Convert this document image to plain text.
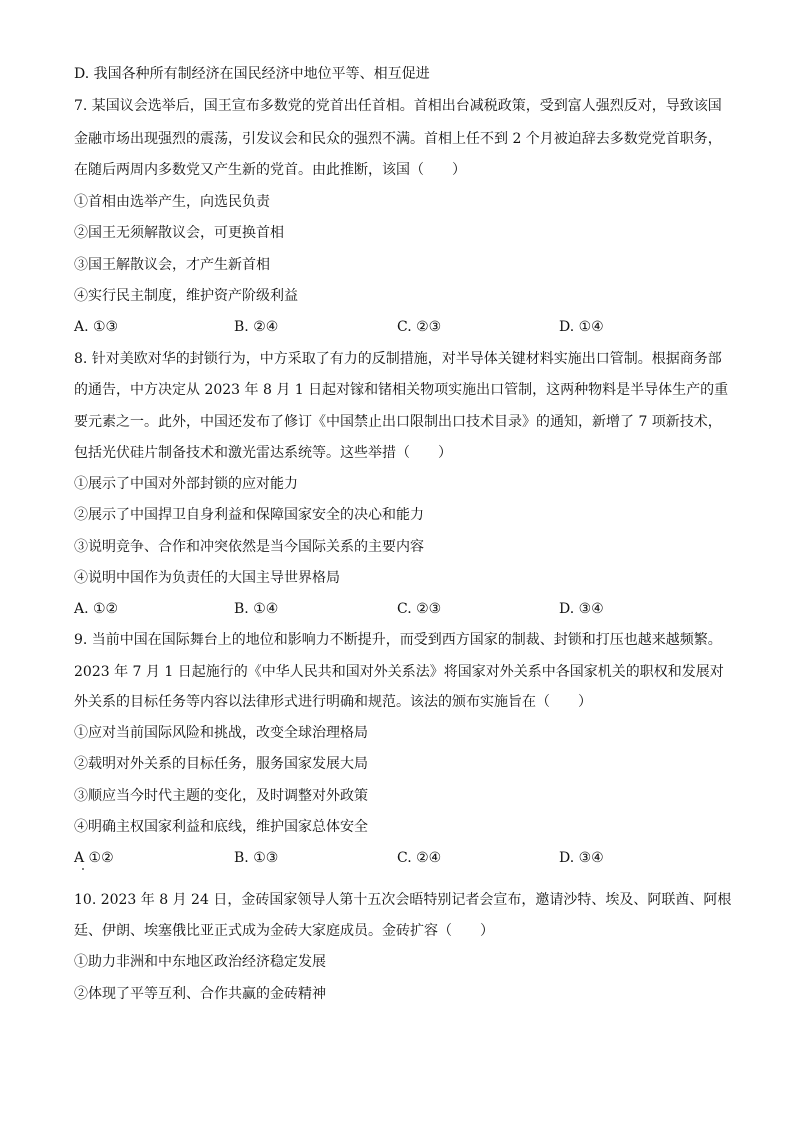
D. 我国各种所有制经济在国民经济中地位平等、相互促进
7. 某国议会选举后，国王宣布多数党的党首出任首相。首相出台减税政策，受到富人强烈反对，导致该国
金融市场出现强烈的震荡，引发议会和民众的强烈不满。首相上任不到 2 个月被迫辞去多数党党首职务，
在随后两周内多数党又产生新的党首。由此推断，该国（　　）
①首相由选举产生，向选民负责
②国王无须解散议会，可更换首相
③国王解散议会，才产生新首相
④实行民主制度，维护资产阶级利益
A. ①③	B. ②④	C. ②③	D. ①④
8. 针对美欧对华的封锁行为，中方采取了有力的反制措施，对半导体关键材料实施出口管制。根据商务部
的通告，中方决定从 2023 年 8 月 1 日起对镓和锗相关物项实施出口管制，这两种物料是半导体生产的重
要元素之一。此外，中国还发布了修订《中国禁止出口限制出口技术目录》的通知，新增了 7 项新技术，
包括光伏硅片制备技术和激光雷达系统等。这些举措（　　）
①展示了中国对外部封锁的应对能力
②展示了中国捍卫自身利益和保障国家安全的决心和能力
③说明竞争、合作和冲突依然是当今国际关系的主要内容
④说明中国作为负责任的大国主导世界格局
A. ①②	B. ①④	C. ②③	D. ③④
9. 当前中国在国际舞台上的地位和影响力不断提升，而受到西方国家的制裁、封锁和打压也越来越频繁。
2023 年 7 月 1 日起施行的《中华人民共和国对外关系法》将国家对外关系中各国家机关的职权和发展对
外关系的目标任务等内容以法律形式进行明确和规范。该法的颁布实施旨在（　　）
①应对当前国际风险和挑战，改变全球治理格局
②载明对外关系的目标任务，服务国家发展大局
③顺应当今时代主题的变化，及时调整对外政策
④明确主权国家利益和底线，维护国家总体安全
A ①②	B. ①③	C. ②④	D. ③④
10. 2023 年 8 月 24 日，金砖国家领导人第十五次会晤特别记者会宣布，邀请沙特、埃及、阿联酋、阿根
廷、伊朗、埃塞俄比亚正式成为金砖大家庭成员。金砖扩容（　　）
①助力非洲和中东地区政治经济稳定发展
②体现了平等互利、合作共赢的金砖精神
